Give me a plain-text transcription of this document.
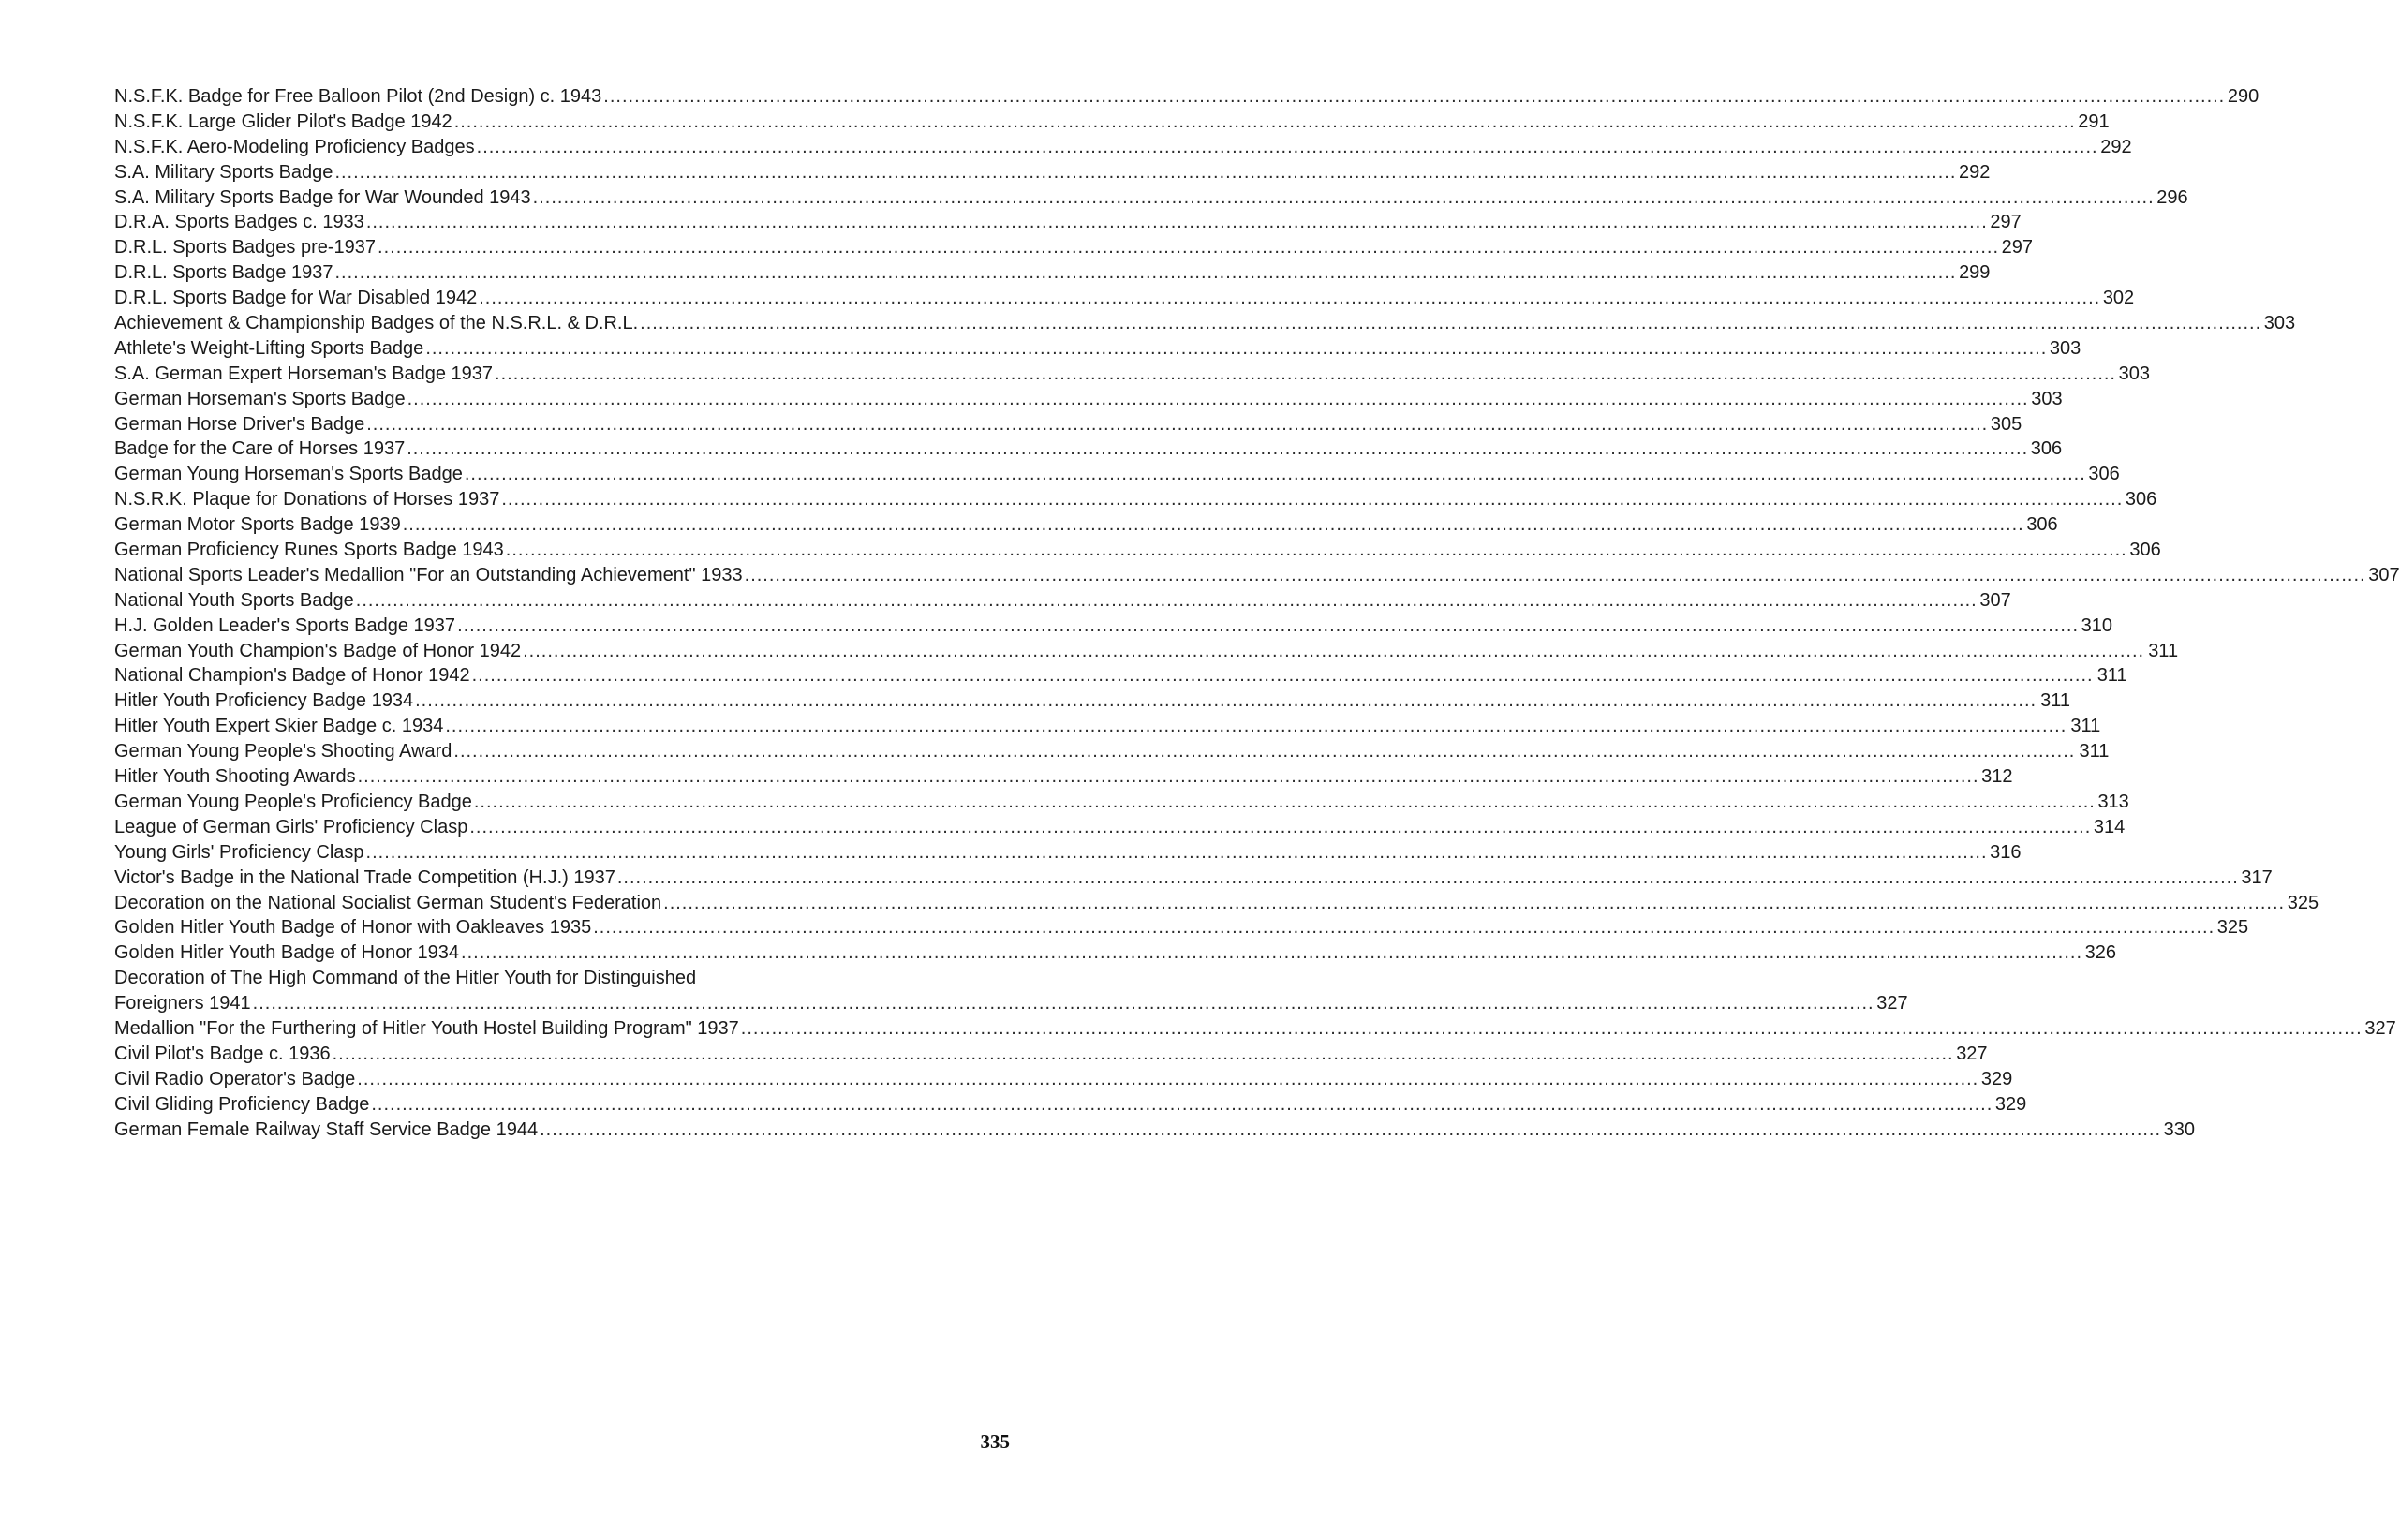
N.S.F.K. Badge for Free Balloon Pilot (2nd Design) c. 1943 .....	290
N.S.F.K. Large Glider Pilot's Badge 1942 .....	291
N.S.F.K. Aero-Modeling Proficiency Badges .....	292
S.A. Military Sports Badge .....	292
S.A. Military Sports Badge for War Wounded 1943 .....	296
D.R.A. Sports Badges c. 1933 .....	297
D.R.L. Sports Badges pre-1937 .....	297
D.R.L. Sports Badge 1937 .....	299
D.R.L. Sports Badge for War Disabled 1942 .....	302
Achievement & Championship Badges of the N.S.R.L. & D.R.L. .....	303
Athlete's Weight-Lifting Sports Badge .....	303
S.A. German Expert Horseman's Badge 1937 .....	303
German Horseman's Sports Badge .....	303
German Horse Driver's Badge .....	305
Badge for the Care of Horses 1937 .....	306
German Young Horseman's Sports Badge .....	306
N.S.R.K. Plaque for Donations of Horses 1937 .....	306
German Motor Sports Badge 1939 .....	306
German Proficiency Runes Sports Badge 1943 .....	306
National Sports Leader's Medallion "For an Outstanding Achievement" 1933 .....	307
National Youth Sports Badge .....	307
H.J. Golden Leader's Sports Badge 1937 .....	310
German Youth Champion's Badge of Honor 1942 .....	311
National Champion's Badge of Honor 1942 .....	311
Hitler Youth Proficiency Badge 1934 .....	311
Hitler Youth Expert Skier Badge c. 1934 .....	311
German Young People's Shooting Award .....	311
Hitler Youth Shooting Awards .....	312
German Young People's Proficiency Badge .....	313
League of German Girls' Proficiency Clasp .....	314
Young Girls' Proficiency Clasp .....	316
Victor's Badge in the National Trade Competition (H.J.) 1937 .....	317
Decoration on the National Socialist German Student's Federation .....	325
Golden Hitler Youth Badge of Honor with Oakleaves 1935 .....	325
Golden Hitler Youth Badge of Honor 1934 .....	326
Decoration of The High Command of the Hitler Youth for Distinguished
Foreigners 1941 .....	327
Medallion "For the Furthering of Hitler Youth Hostel Building Program" 1937 .....	327
Civil Pilot's Badge c. 1936 .....	327
Civil Radio Operator's Badge .....	329
Civil Gliding Proficiency Badge .....	329
German Female Railway Staff Service Badge 1944 .....	330
335
